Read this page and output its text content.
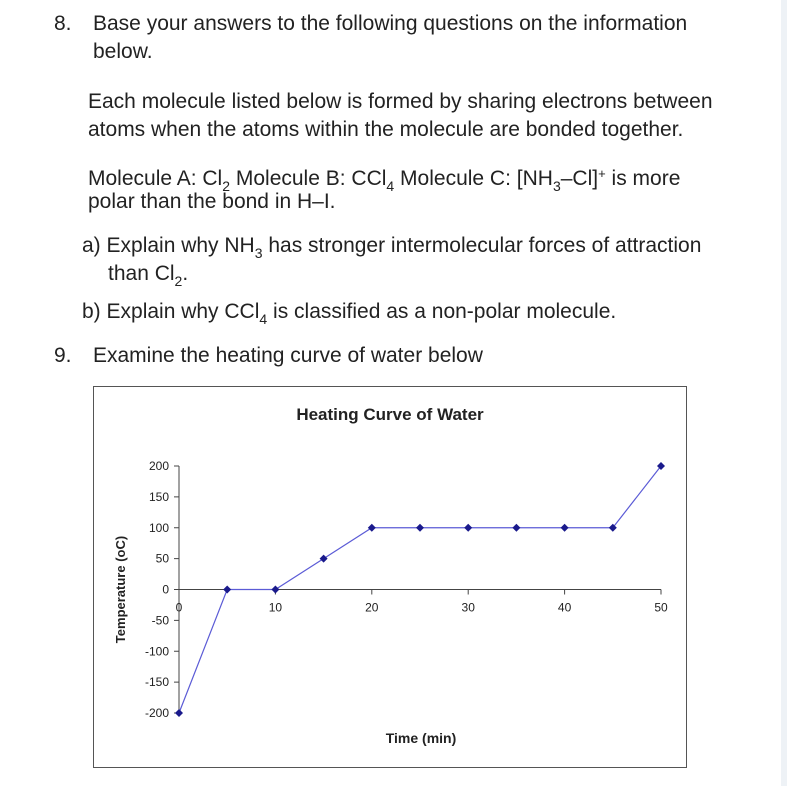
8. Base your answers to the following questions on the information
below.
Each molecule listed below is formed by sharing electrons between
atoms when the atoms within the molecule are bonded together.
Molecule A: $Cl_2$ Molecule B: CCl$_4$ Molecule C: $[NH_3-Cl]^+$ is more
polar than the bond in H–I.
a) Explain why $NH_3$ has stronger intermolecular forces of attraction
than $Cl_2$.
b) Explain why CCl$_4$ is classified as a non-polar molecule.
9. Examine the heating curve of water below
Heating Curve of Water
200
150
100
50
0
-50
-100
-150
-200
0	10	20	30	40	50
Time (min)
Temperature (oC)
